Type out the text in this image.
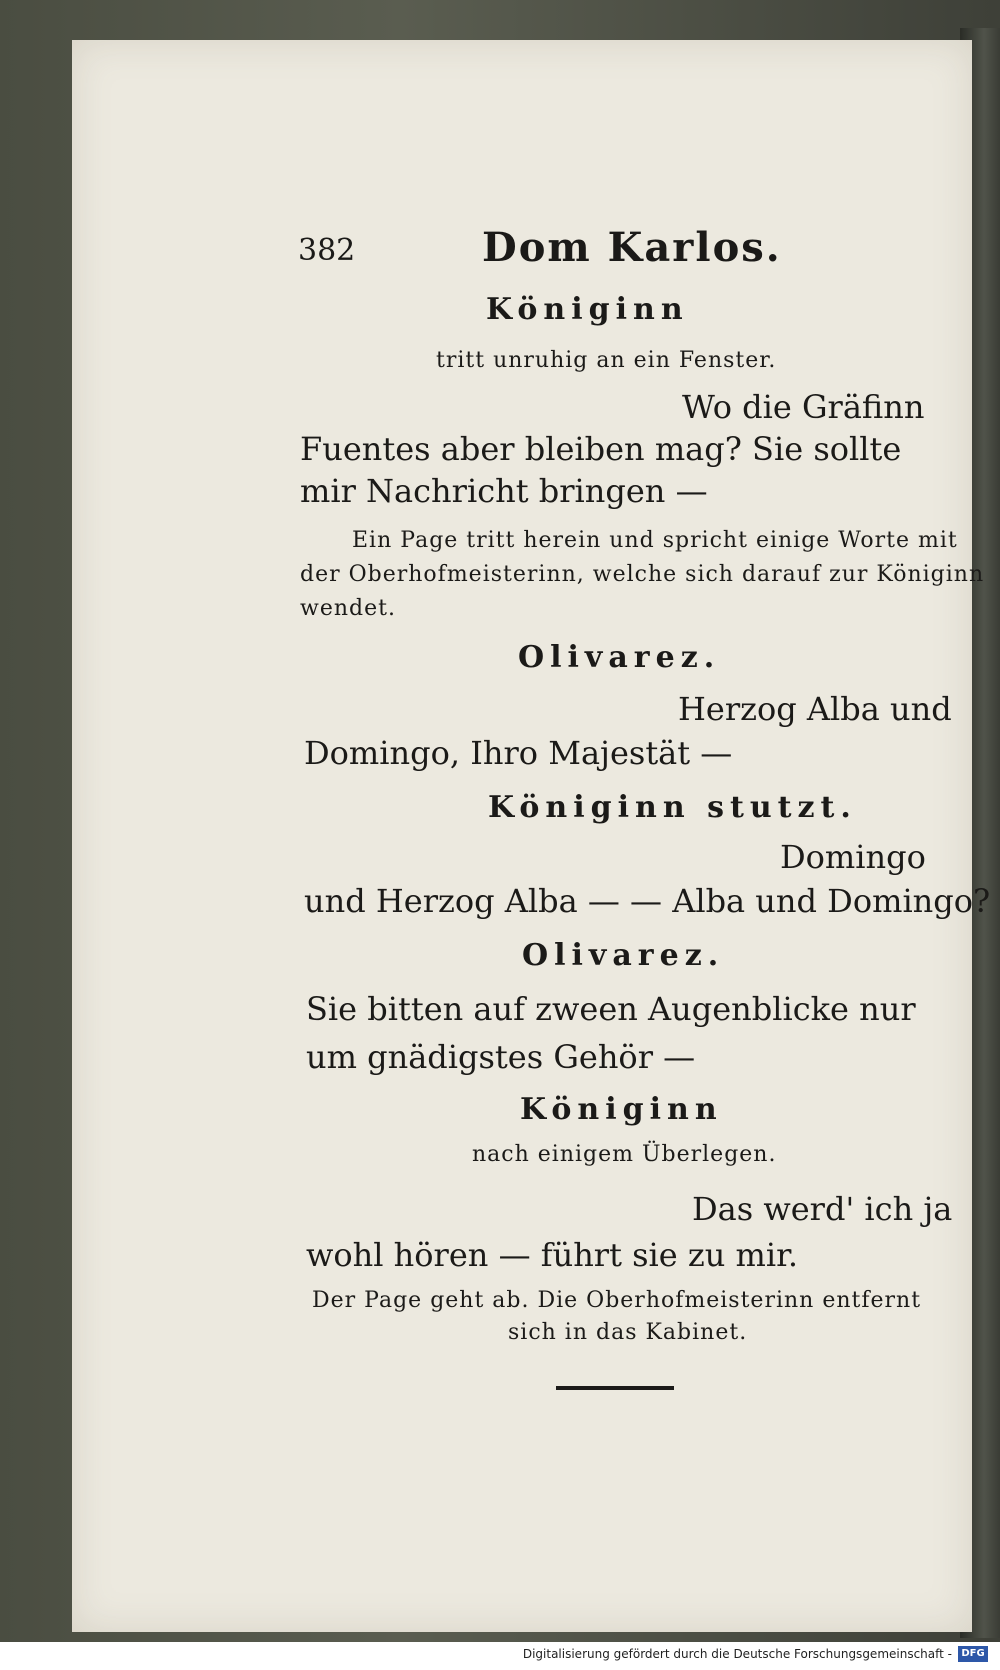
382	Dom Karlos.
Königinn
tritt unruhig an ein Fenster.
Wo die Gräfinn
Fuentes aber bleiben mag? Sie sollte
mir Nachricht bringen —
Ein Page tritt herein und spricht einige Worte mit
der Oberhofmeisterinn, welche sich darauf zur Königinn
wendet.
Olivarez.
Herzog Alba und
Domingo, Ihro Majestät —
Königinn stutzt.
Domingo
und Herzog Alba — — Alba und Domingo?
Olivarez.
Sie bitten auf zween Augenblicke nur
um gnädigstes Gehör —
Königinn
nach einigem Überlegen.
Das werd' ich ja
wohl hören — führt sie zu mir.
Der Page geht ab. Die Oberhofmeisterinn entfernt
sich in das Kabinet.
Digitalisierung gefördert durch die Deutsche Forschungsgemeinschaft - DFG
